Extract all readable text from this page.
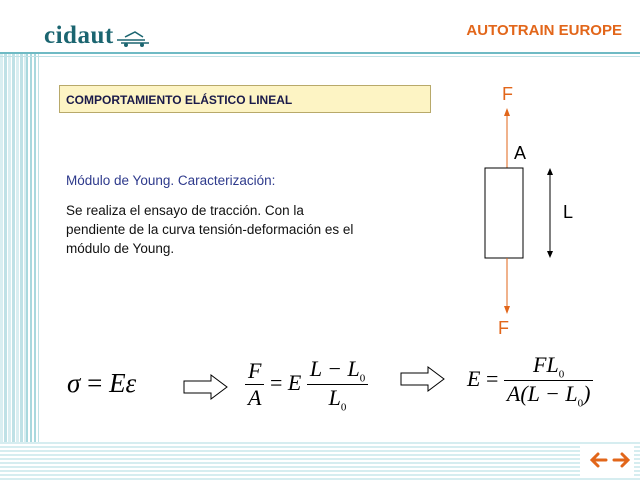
cidaut	AUTOTRAIN EUROPE
COMPORTAMIENTO ELÁSTICO LINEAL
Módulo de Young. Caracterización:
Se realiza el ensayo de tracción. Con la pendiente de la curva tensión-deformación es el módulo de Young.
F
A
L
F
σ = Eε	$\frac{F}{A} = E \frac{L - L_0}{L_0}$	$E = \frac{FL_0}{A(L - L_0)}$
